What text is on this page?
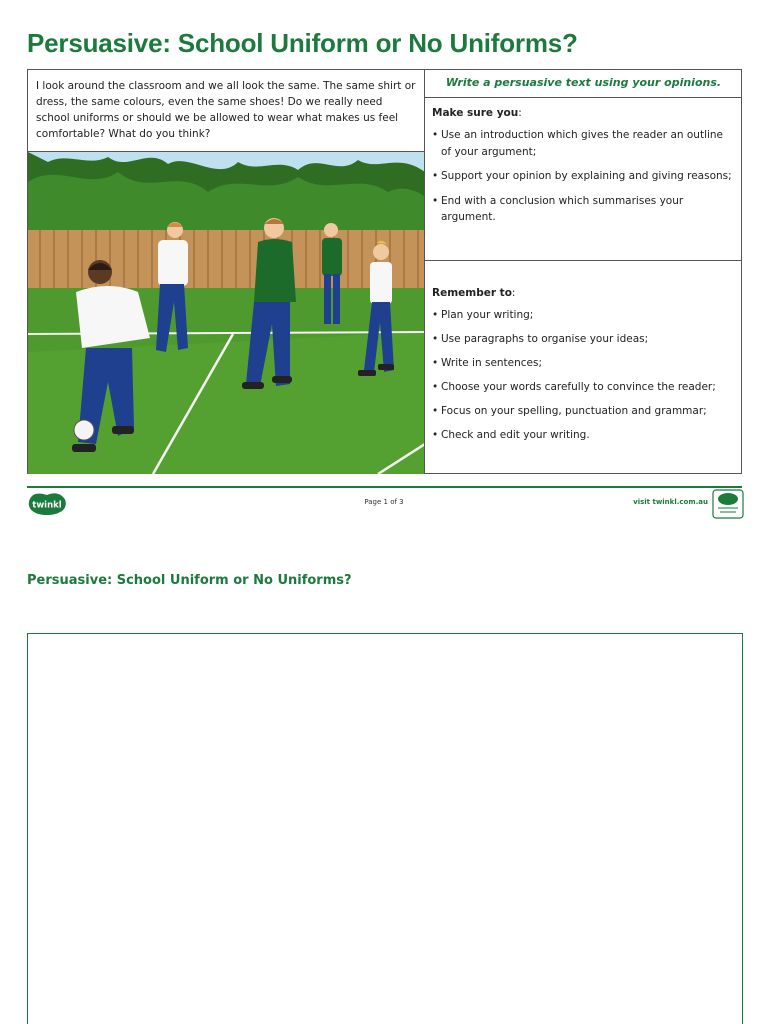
Persuasive: School Uniform or No Uniforms?
I look around the classroom and we all look the same. The same shirt or dress, the same colours, even the same shoes! Do we really need school uniforms or should we be allowed to wear what makes us feel comfortable? What do you think?
Write a persuasive text using your opinions.
Make sure you:
• Use an introduction which gives the reader an outline of your argument;
• Support your opinion by explaining and giving reasons;
• End with a conclusion which summarises your argument.
Remember to:
• Plan your writing;
• Use paragraphs to organise your ideas;
• Write in sentences;
• Choose your words carefully to convince the reader;
• Focus on your spelling, punctuation and grammar;
• Check and edit your writing.
twinkl	Page 1 of 3	visit twinkl.com.au
Persuasive: School Uniform or No Uniforms?
